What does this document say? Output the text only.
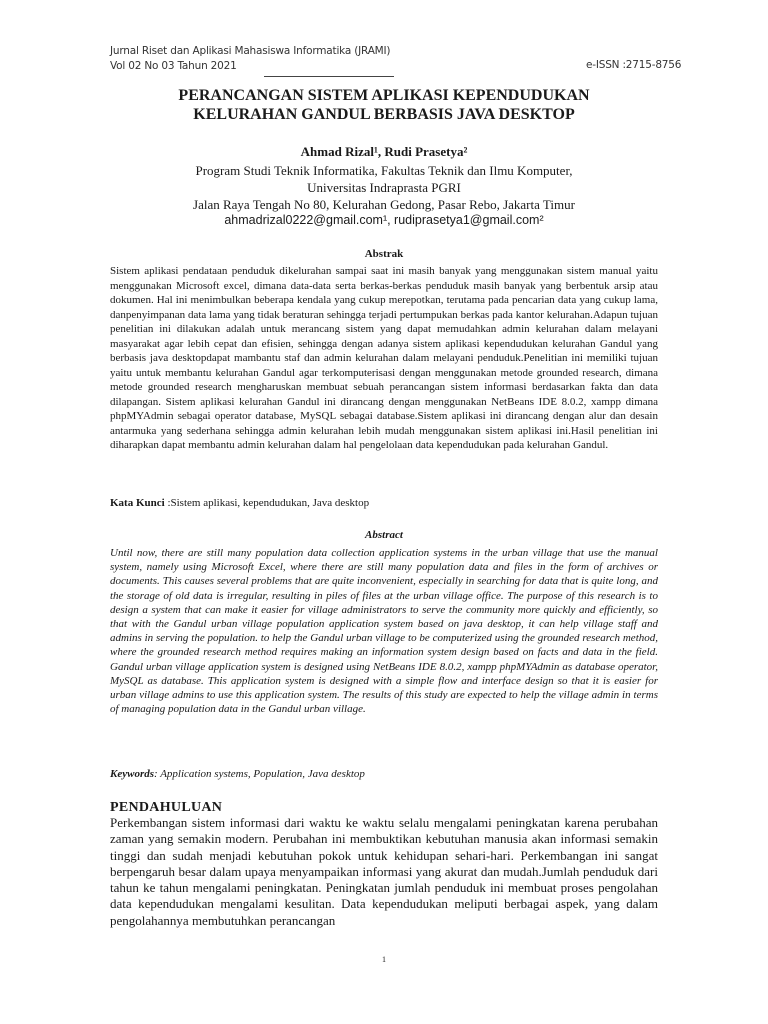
Jurnal Riset dan Aplikasi Mahasiswa Informatika (JRAMI)
Vol 02 No 03 Tahun 2021	e-ISSN :2715-8756
PERANCANGAN SISTEM APLIKASI KEPENDUDUKAN
KELURAHAN GANDUL BERBASIS JAVA DESKTOP
Ahmad Rizal¹, Rudi Prasetya²
Program Studi Teknik Informatika, Fakultas Teknik dan Ilmu Komputer,
Universitas Indraprasta PGRI
Jalan Raya Tengah No 80, Kelurahan Gedong, Pasar Rebo, Jakarta Timur
ahmadrizal0222@gmail.com¹, rudiprasetya1@gmail.com²
Abstrak
Sistem aplikasi pendataan penduduk dikelurahan sampai saat ini masih banyak yang menggunakan sistem manual yaitu menggunakan Microsoft excel, dimana data-data serta berkas-berkas penduduk masih banyak yang berbentuk arsip atau dokumen. Hal ini menimbulkan beberapa kendala yang cukup merepotkan, terutama pada pencarian data yang cukup lama, danpenyimpanan data lama yang tidak beraturan sehingga terjadi pertumpukan berkas pada kantor kelurahan.Adapun tujuan penelitian ini dilakukan adalah untuk merancang sistem yang dapat memudahkan admin kelurahan dalam melayani masyarakat agar lebih cepat dan efisien, sehingga dengan adanya sistem aplikasi kependudukan kelurahan Gandul yang berbasis java desktopdapat mambantu staf dan admin kelurahan dalam melayani penduduk.Penelitian ini memiliki tujuan yaitu untuk membantu kelurahan Gandul agar terkomputerisasi dengan menggunakan metode grounded research, dimana metode grounded research mengharuskan membuat sebuah perancangan sistem informasi berdasarkan fakta dan data dilapangan. Sistem aplikasi kelurahan Gandul ini dirancang dengan menggunakan NetBeans IDE 8.0.2, xampp dimana phpMYAdmin sebagai operator database, MySQL sebagai database.Sistem aplikasi ini dirancang dengan alur dan desain antarmuka yang sederhana sehingga admin kelurahan lebih mudah menggunakan sistem aplikasi ini.Hasil penelitian ini diharapkan dapat membantu admin kelurahan dalam hal pengelolaan data kependudukan pada kelurahan Gandul.
Kata Kunci :Sistem aplikasi, kependudukan, Java desktop
Abstract
Until now, there are still many population data collection application systems in the urban village that use the manual system, namely using Microsoft Excel, where there are still many population data and files in the form of archives or documents. This causes several problems that are quite inconvenient, especially in searching for data that is quite long, and the storage of old data is irregular, resulting in piles of files at the urban village office. The purpose of this research is to design a system that can make it easier for village administrators to serve the community more quickly and efficiently, so that with the Gandul urban village population application system based on java desktop, it can help village staff and admins in serving the population. to help the Gandul urban village to be computerized using the grounded research method, where the grounded research method requires making an information system design based on facts and data in the field. Gandul urban village application system is designed using NetBeans IDE 8.0.2, xampp phpMYAdmin as database operator, MySQL as database. This application system is designed with a simple flow and interface design so that it is easier for urban village admins to use this application system. The results of this study are expected to help the village admin in terms of managing population data in the Gandul urban village.
Keywords: Application systems, Population, Java desktop
PENDAHULUAN
Perkembangan sistem informasi dari waktu ke waktu selalu mengalami peningkatan karena perubahan zaman yang semakin modern. Perubahan ini membuktikan kebutuhan manusia akan informasi semakin tinggi dan sudah menjadi kebutuhan pokok untuk kehidupan sehari-hari. Perkembangan ini sangat berpengaruh besar dalam upaya menyampaikan informasi yang akurat dan mudah.Jumlah penduduk dari tahun ke tahun mengalami peningkatan. Peningkatan jumlah penduduk ini membuat proses pengolahan data kependudukan mengalami kesulitan. Data kependudukan meliputi berbagai aspek, yang dalam pengolahannya membutuhkan perancangan
1
